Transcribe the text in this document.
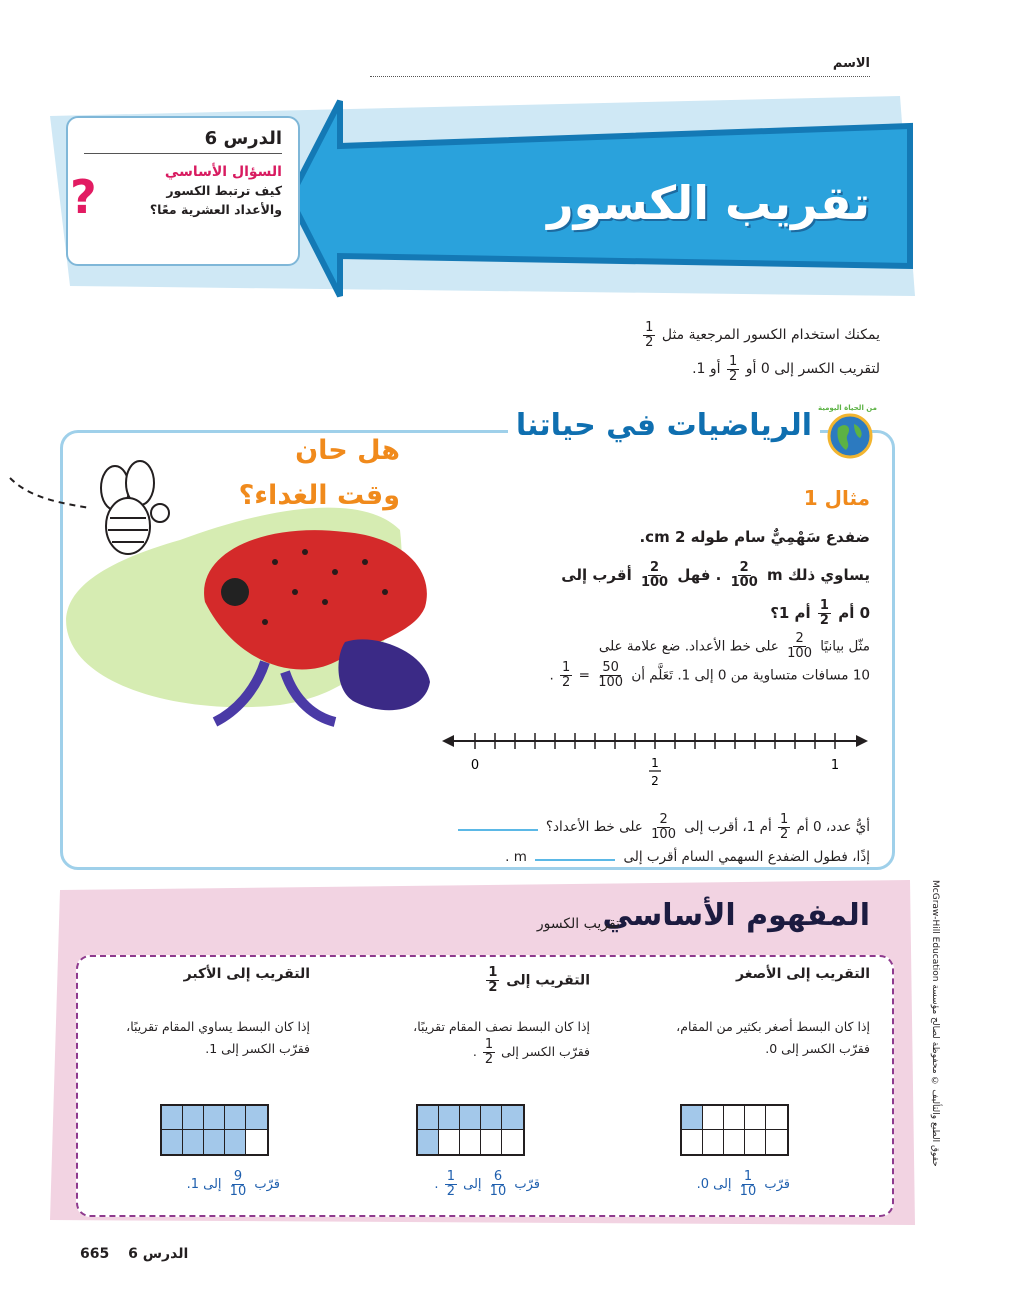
الاسم
الدرس 6
السؤال الأساسي
كيف ترتبط الكسور
والأعداد العشرية معًا؟
?	تقريب الكسور
يمكنك استخدام الكسور المرجعية مثل
$\frac{1}{2}$
لتقريب الكسر إلى 0 أو
$\frac{1}{2}$
أو 1.
الرياضيات في حياتنا من الحياة اليومية
هل حان
وقت الغداء؟	مثال 1
ضفدع سَهْمِيٌّ سام طوله 2 cm.
يساوي ذلك m
$\frac{2}{100}$
. فهل
$\frac{2}{100}$
أقرب إلى
0 أم
$\frac{1}{2}$
أم 1؟
مثّل بيانيًا
$\frac{2}{100}$
على خط الأعداد. ضع علامة على
10 مسافات متساوية من 0 إلى 1. تَعَلَّم أن
$\frac{50}{100}$
=
$\frac{1}{2}$
.
0	1
2
1
أيُّ عدد، 0 أم
$\frac{1}{2}$
أم 1، أقرب إلى
$\frac{2}{100}$
على خط الأعداد؟
إذًا، فطول الضفدع السهمي السام أقرب إلى  m .
المفهوم الأساسي
تقريب الكسور
التقريب إلى الأصغر

إذا كان البسط أصغر بكثير من المقام،
فقرّب الكسر إلى 0.

قرّب
$\frac{1}{10}$
إلى 0.
التقريب إلى
$\frac{1}{2}$

إذا كان البسط نصف المقام تقريبًا،
فقرّب الكسر إلى
$\frac{1}{2}$
.

قرّب
$\frac{6}{10}$
إلى
$\frac{1}{2}$
.
التقريب إلى الأكبر

إذا كان البسط يساوي المقام تقريبًا،
فقرّب الكسر إلى 1.

قرّب
$\frac{9}{10}$
إلى 1.
McGraw-Hill Education حقوق الطبع والتأليف © محفوظة لصالح مؤسسة
665 الدرس 6
